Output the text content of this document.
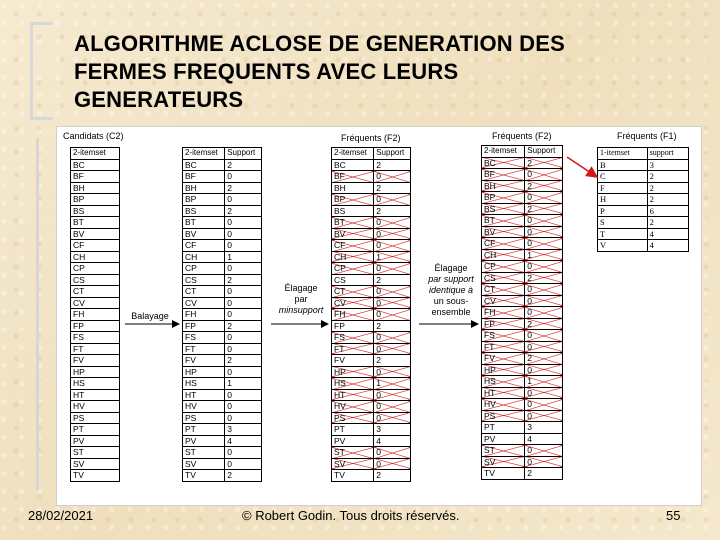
ALGORITHME ACLOSE DE GENERATION DES
FERMES FREQUENTS AVEC LEURS
GENERATEURS
Candidats (C2)	Fréquents (F2)	Fréquents (F2)	Fréquents (F1)
2-itemset
BC
BF
BH
BP
BS
BT
BV
CF
CH
CP
CS
CT
CV
FH
FP
FS
FT
FV
HP
HS
HT
HV
PS
PT
PV
ST
SV
TV
2-itemset	Support
BC	2
BF	0
BH	2
BP	0
BS	2
BT	0
BV	0
CF	0
CH	1
CP	0
CS	2
CT	0
CV	0
FH	0
FP	2
FS	0
FT	0
FV	2
HP	0
HS	1
HT	0
HV	0
PS	0
PT	3
PV	4
ST	0
SV	0
TV	2
2-itemset	Support
BC	2
BF	0
BH	2
BP	0
BS	2
BT	0
BV	0
CF	0
CH	1
CP	0
CS	2
CT	0
CV	0
FH	0
FP	2
FS	0
FT	0
FV	2
HP	0
HS	1
HT	0
HV	0
PS	0
PT	3
PV	4
ST	0
SV	0
TV	2
2-itemset	Support
BC	2
BF	0
BH	2
BP	0
BS	2
BT	0
BV	0
CF	0
CH	1
CP	0
CS	2
CT	0
CV	0
FH	0
FP	2
FS	0
FT	0
FV	2
HP	0
HS	1
HT	0
HV	0
PS	0
PT	3
PV	4
ST	0
SV	0
TV	2
1-itemset	support
B	3
C	2
F	2
H	2
P	6
S	2
T	4
V	4
Balayage
Élagage
par
minsupport
Élagage
par support
identique à
un sous-
ensemble
28/02/2021	© Robert Godin. Tous droits réservés.	55
